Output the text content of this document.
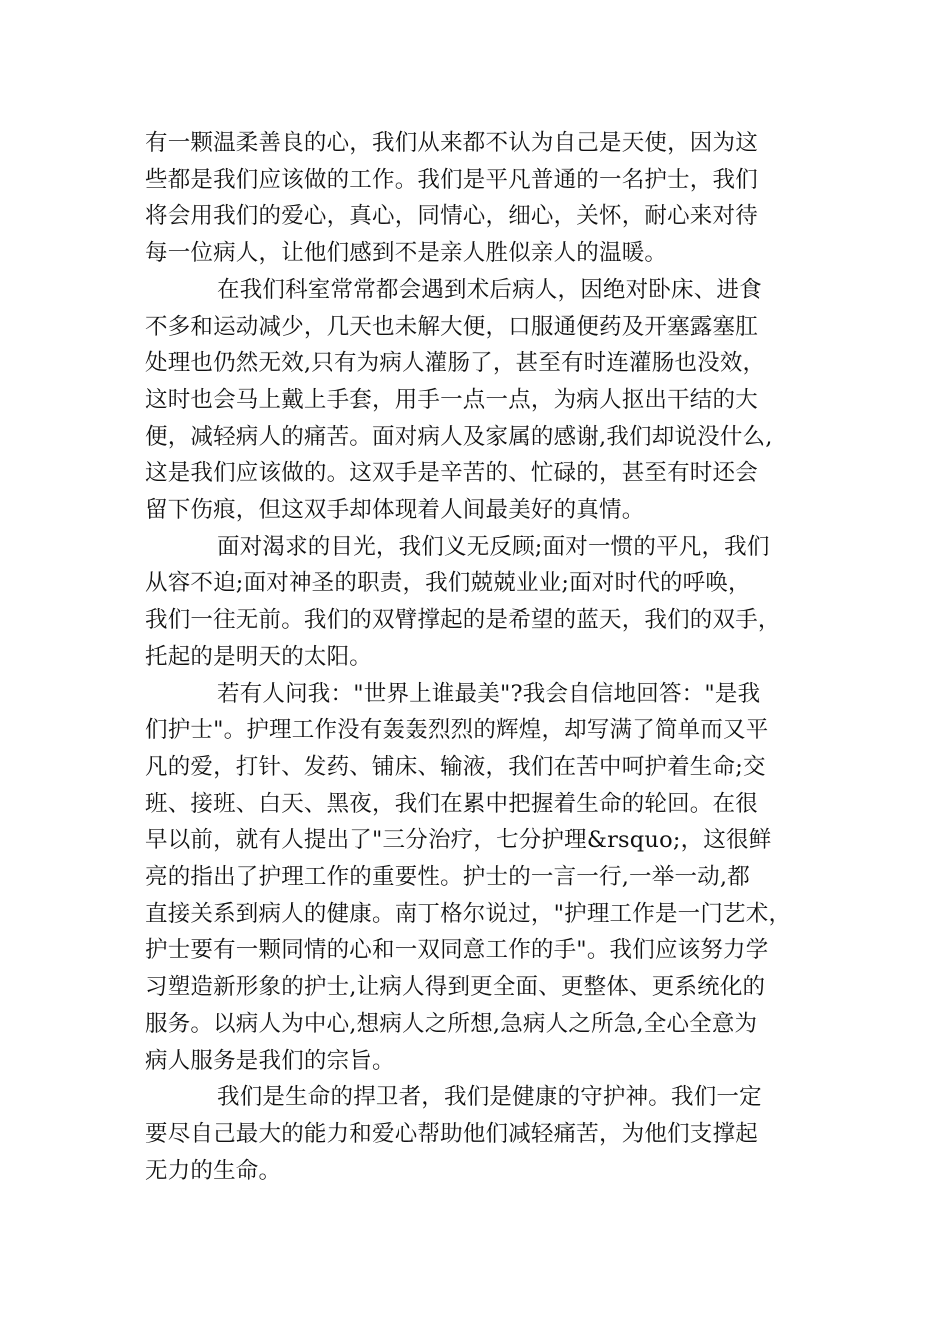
有一颗温柔善良的心，我们从来都不认为自己是天使，因为这
些都是我们应该做的工作。我们是平凡普通的一名护士，我们
将会用我们的爱心，真心，同情心，细心，关怀，耐心来对待
每一位病人，让他们感到不是亲人胜似亲人的温暖。

在我们科室常常都会遇到术后病人，因绝对卧床、进食
不多和运动减少，几天也未解大便，口服通便药及开塞露塞肛
处理也仍然无效,只有为病人灌肠了，甚至有时连灌肠也没效，
这时也会马上戴上手套，用手一点一点，为病人抠出干结的大
便，减轻病人的痛苦。面对病人及家属的感谢,我们却说没什么,
这是我们应该做的。这双手是辛苦的、忙碌的，甚至有时还会
留下伤痕，但这双手却体现着人间最美好的真情。

面对渴求的目光，我们义无反顾;面对一惯的平凡，我们
从容不迫;面对神圣的职责，我们兢兢业业;面对时代的呼唤，
我们一往无前。我们的双臂撑起的是希望的蓝天，我们的双手，
托起的是明天的太阳。

若有人问我："世界上谁最美"?我会自信地回答："是我
们护士"。护理工作没有轰轰烈烈的辉煌，却写满了简单而又平
凡的爱，打针、发药、铺床、输液，我们在苦中呵护着生命;交
班、接班、白天、黑夜，我们在累中把握着生命的轮回。在很
早以前，就有人提出了"三分治疗，七分护理&rsquo;，这很鲜
亮的指出了护理工作的重要性。护士的一言一行,一举一动,都
直接关系到病人的健康。南丁格尔说过，"护理工作是一门艺术，
护士要有一颗同情的心和一双同意工作的手"。我们应该努力学
习塑造新形象的护士,让病人得到更全面、更整体、更系统化的
服务。以病人为中心,想病人之所想,急病人之所急,全心全意为
病人服务是我们的宗旨。

我们是生命的捍卫者，我们是健康的守护神。我们一定
要尽自己最大的能力和爱心帮助他们减轻痛苦，为他们支撑起
无力的生命。
